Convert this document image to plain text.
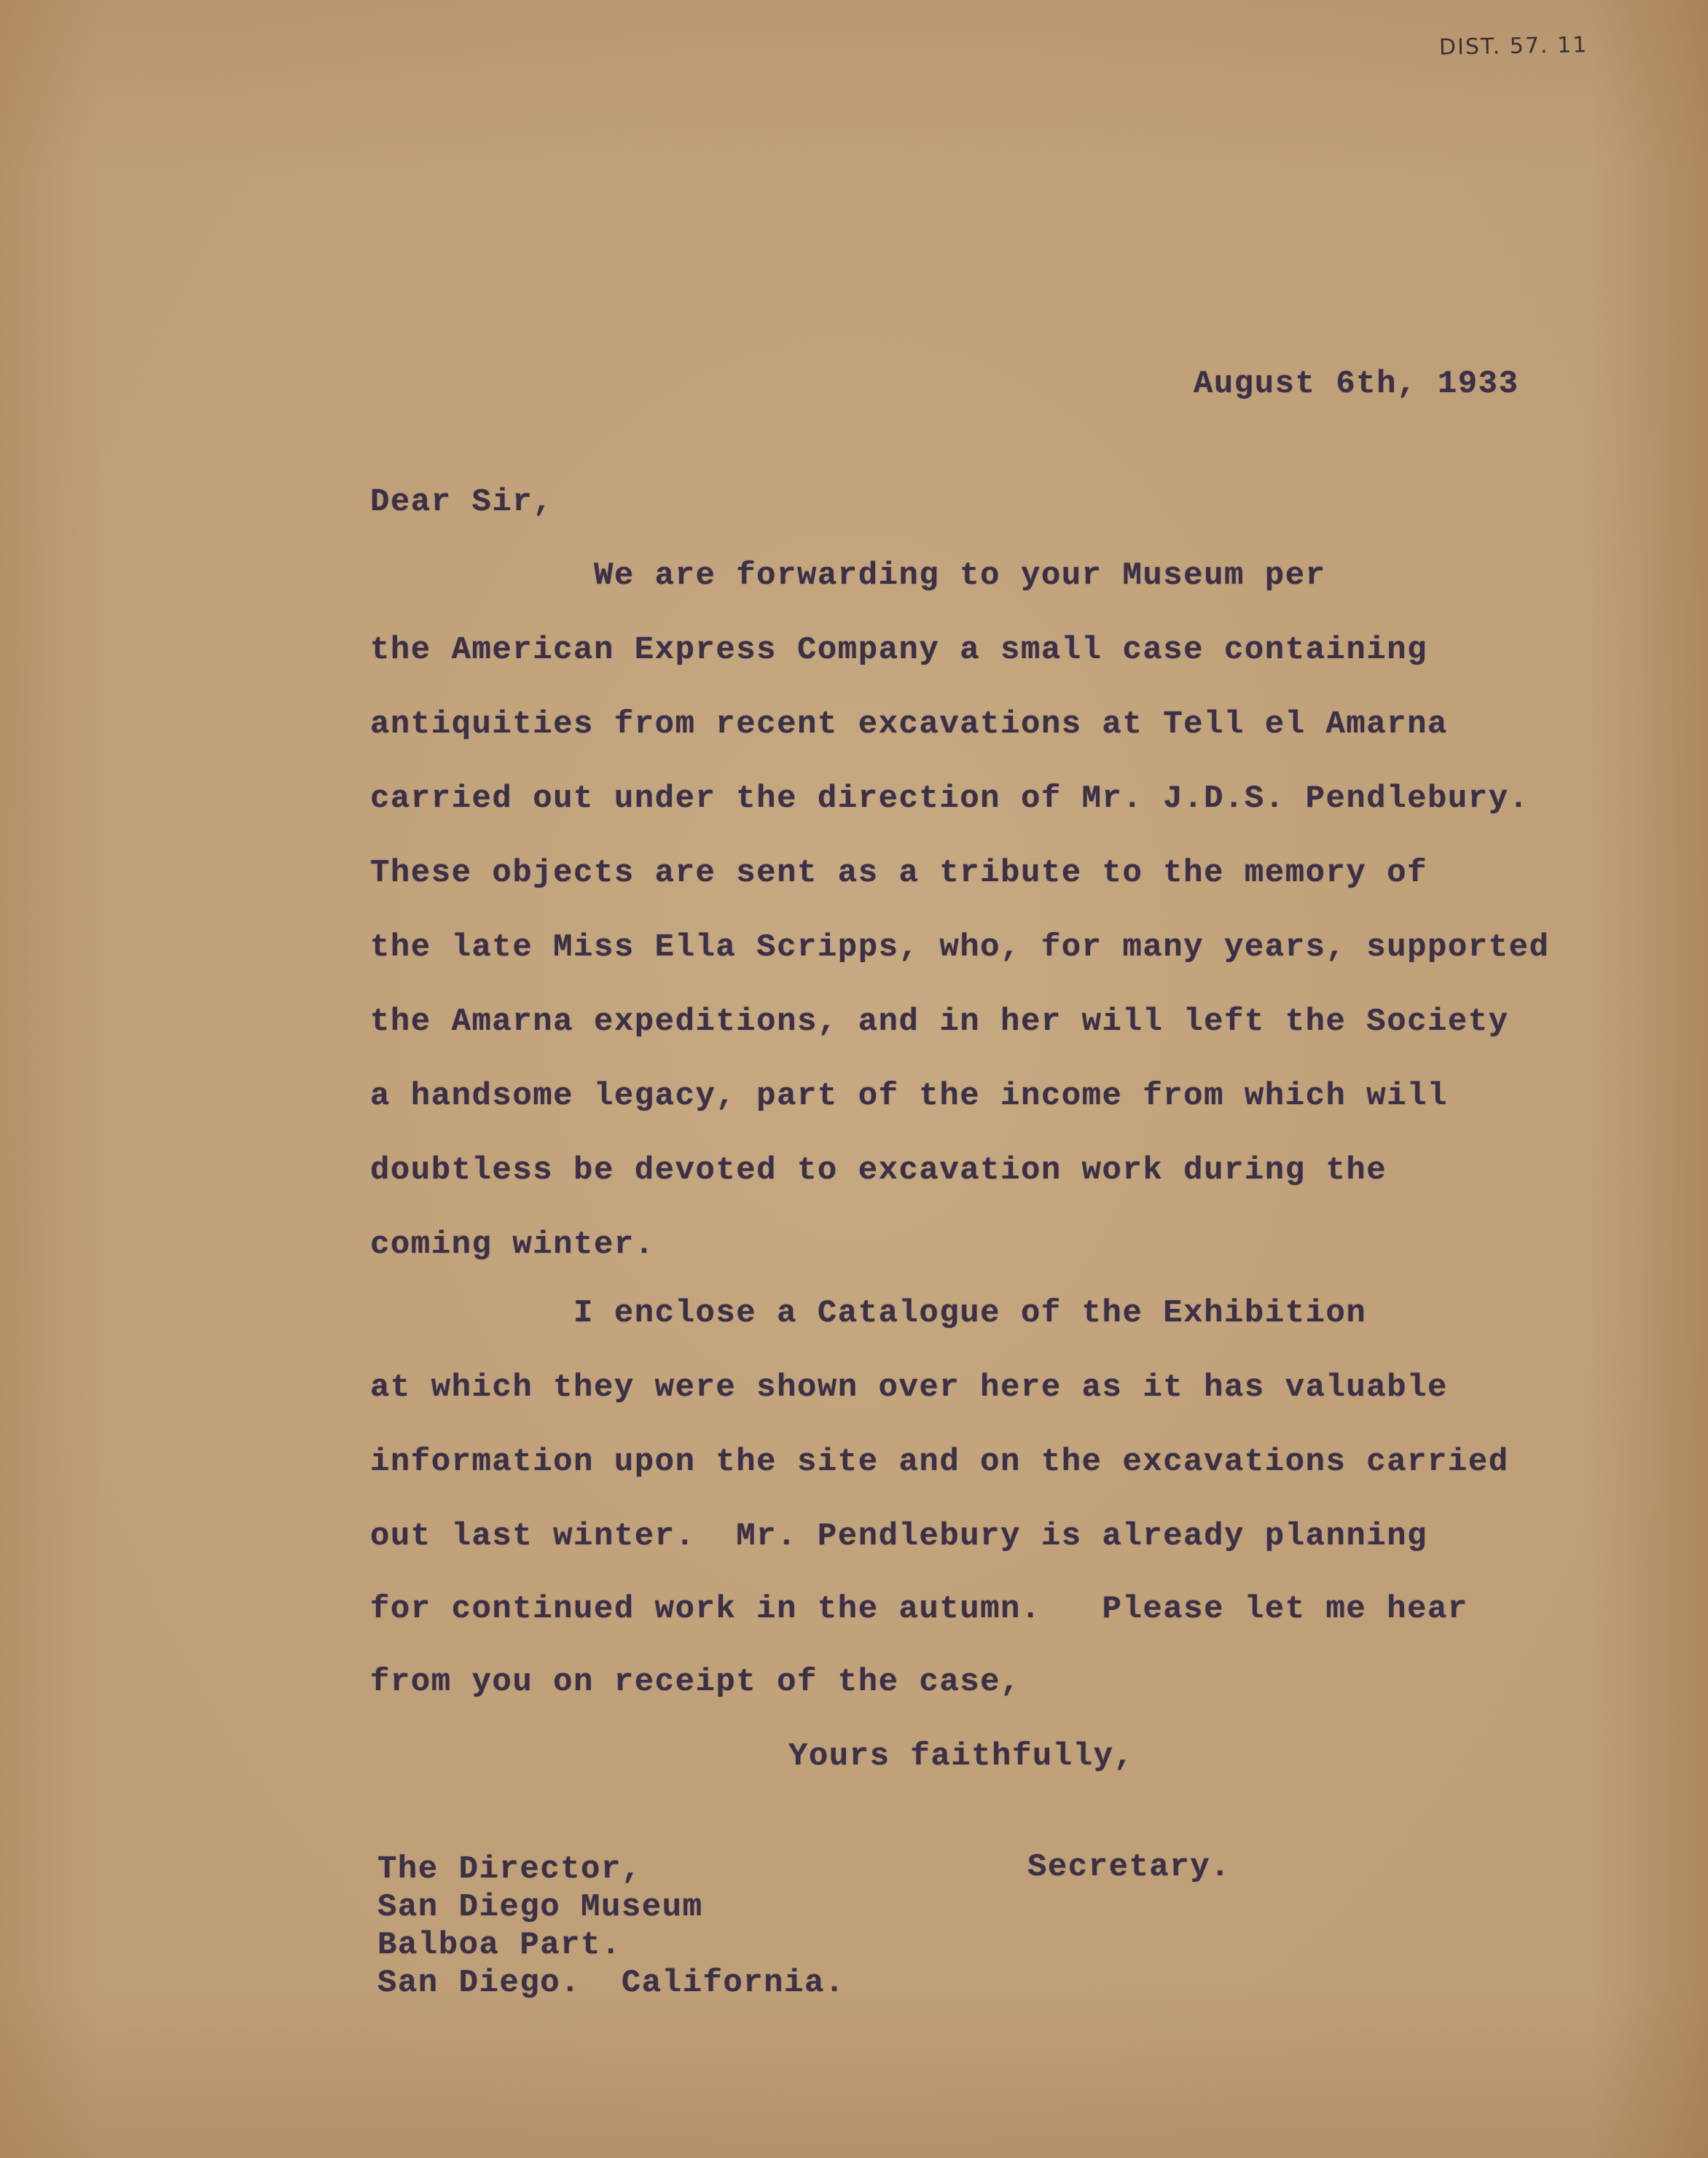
DIST. 57. 11
August 6th, 1933
Dear Sir,
We are forwarding to your Museum per
the American Express Company a small case containing
antiquities from recent excavations at Tell el Amarna
carried out under the direction of Mr. J.D.S. Pendlebury.
These objects are sent as a tribute to the memory of
the late Miss Ella Scripps, who, for many years, supported
the Amarna expeditions, and in her will left the Society
a handsome legacy, part of the income from which will
doubtless be devoted to excavation work during the
coming winter.
I enclose a Catalogue of the Exhibition
at which they were shown over here as it has valuable
information upon the site and on the excavations carried
out last winter.  Mr. Pendlebury is already planning
for continued work in the autumn.   Please let me hear
from you on receipt of the case,
Yours faithfully,
Secretary.
The Director,
San Diego Museum
Balboa Part.
San Diego.  California.
